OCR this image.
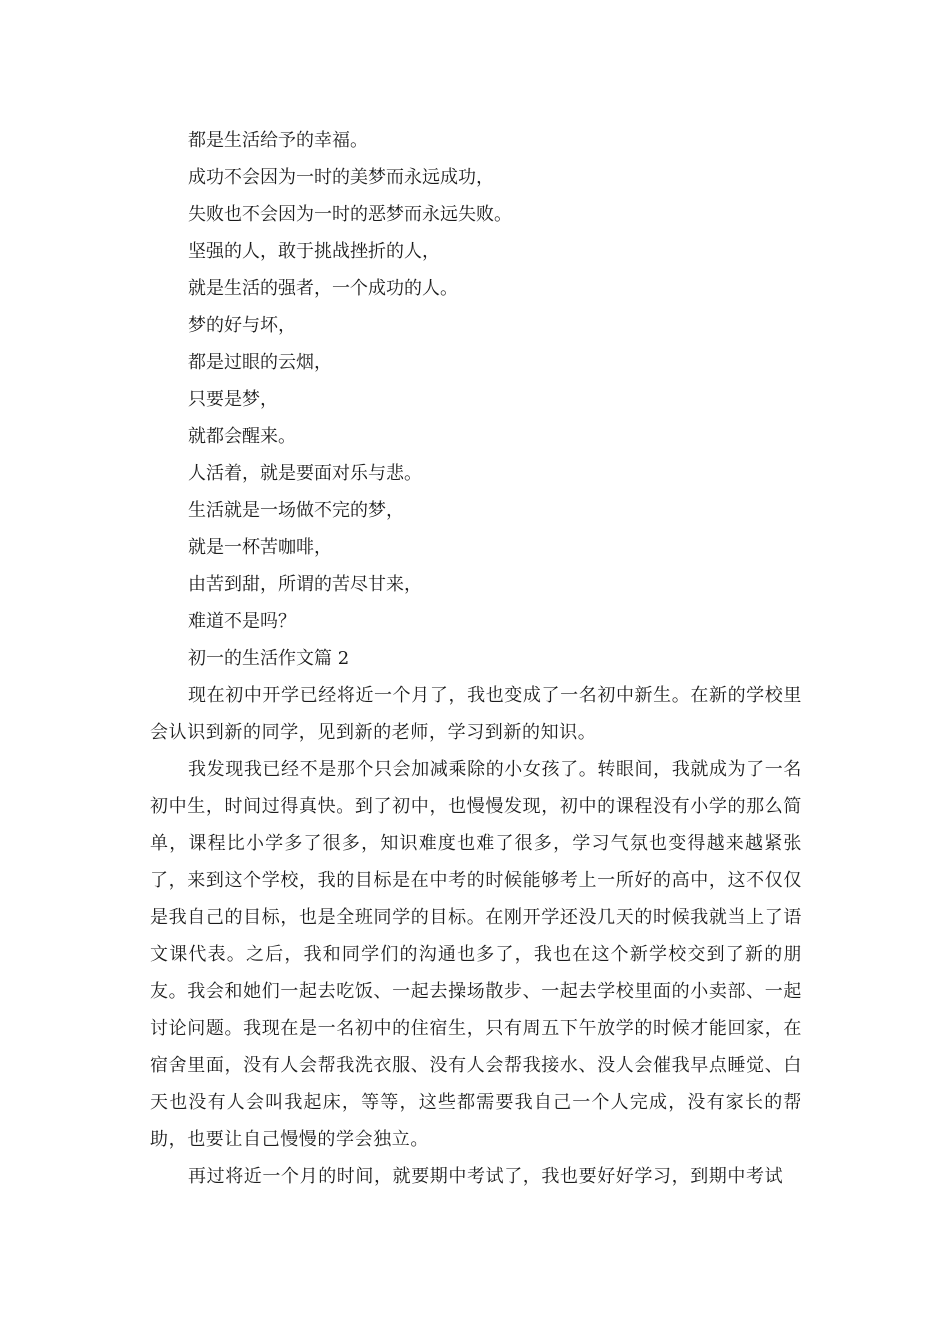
都是生活给予的幸福。
成功不会因为一时的美梦而永远成功，
失败也不会因为一时的恶梦而永远失败。
坚强的人，敢于挑战挫折的人，
就是生活的强者，一个成功的人。
梦的好与坏，
都是过眼的云烟，
只要是梦，
就都会醒来。
人活着，就是要面对乐与悲。
生活就是一场做不完的梦，
就是一杯苦咖啡，
由苦到甜，所谓的苦尽甘来，
难道不是吗？
初一的生活作文篇 2

现在初中开学已经将近一个月了，我也变成了一名初中新生。在新的学校里会认识到新的同学，见到新的老师，学习到新的知识。

我发现我已经不是那个只会加减乘除的小女孩了。转眼间，我就成为了一名初中生，时间过得真快。到了初中，也慢慢发现，初中的课程没有小学的那么简单，课程比小学多了很多，知识难度也难了很多，学习气氛也变得越来越紧张了，来到这个学校，我的目标是在中考的时候能够考上一所好的高中，这不仅仅是我自己的目标，也是全班同学的目标。在刚开学还没几天的时候我就当上了语文课代表。之后，我和同学们的沟通也多了，我也在这个新学校交到了新的朋友。我会和她们一起去吃饭、一起去操场散步、一起去学校里面的小卖部、一起讨论问题。我现在是一名初中的住宿生，只有周五下午放学的时候才能回家，在宿舍里面，没有人会帮我洗衣服、没有人会帮我接水、没人会催我早点睡觉、白天也没有人会叫我起床，等等，这些都需要我自己一个人完成，没有家长的帮助，也要让自己慢慢的学会独立。

再过将近一个月的时间，就要期中考试了，我也要好好学习，到期中考试
